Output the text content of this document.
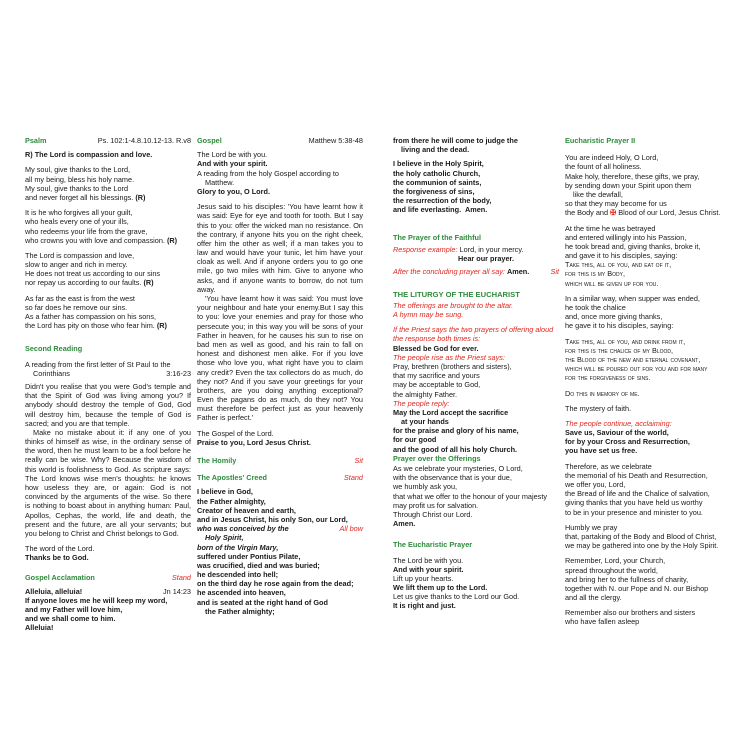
Psalm	Ps. 102:1-4.8.10.12-13. R.v8

R) The Lord is compassion and love.

My soul, give thanks to the Lord,
all my being, bless his holy name.
My soul, give thanks to the Lord
and never forget all his blessings. (R)

It is he who forgives all your guilt,
who heals every one of your ills,
who redeems your life from the grave,
who crowns you with love and compassion. (R)

The Lord is compassion and love,
slow to anger and rich in mercy.
He does not treat us according to our sins
nor repay us according to our faults. (R)

As far as the east is from the west
so far does he remove our sins.
As a father has compassion on his sons,
the Lord has pity on those who fear him. (R)

Second Reading

A reading from the first letter of St Paul to the

Corinthians	3:16-23

Didn't you realise that you were God's temple and that the Spirit of God was living among you? If anybody should destroy the temple of God, God will destroy him, because the temple of God is sacred; and you are that temple.

Make no mistake about it: if any one of you thinks of himself as wise, in the ordinary sense of the word, then he must learn to be a fool before he really can be wise. Why? Because the wisdom of this world is foolishness to God. As scripture says: The Lord knows wise men's thoughts: he knows how useless they are, or again: God is not convinced by the arguments of the wise. So there is nothing to boast about in anything human: Paul, Apollos, Cephas, the world, life and death, the present and the future, are all your servants; but you belong to Christ and Christ belongs to God.

The word of the Lord.
Thanks be to God.

Gospel Acclamation	Stand

Alleluia, alleluia!	Jn 14:23
If anyone loves me he will keep my word,
and my Father will love him,
and we shall come to him.
Alleluia!

Gospel	Matthew 5:38-48

The Lord be with you.
And with your spirit.
A reading from the holy Gospel according to
Matthew.
Glory to you, O Lord.

Jesus said to his disciples: 'You have learnt how it was said: Eye for eye and tooth for tooth. But I say this to you: offer the wicked man no resistance. On the contrary, if anyone hits you on the right cheek, offer him the other as well; if a man takes you to law and would have your tunic, let him have your cloak as well. And if anyone orders you to go one mile, go two miles with him. Give to anyone who asks, and if anyone wants to borrow, do not turn away.

'You have learnt how it was said: You must love your neighbour and hate your enemy.But I say this to you: love your enemies and pray for those who persecute you; in this way you will be sons of your Father in heaven, for he causes his sun to rise on bad men as well as good, and his rain to fall on honest and dishonest men alike. For if you love those who love you, what right have you to claim any credit? Even the tax collectors do as much, do they not? And if you save your greetings for your brothers, are you doing anything exceptional? Even the pagans do as much, do they not? You must therefore be perfect just as your heavenly Father is perfect.'

The Gospel of the Lord.
Praise to you, Lord Jesus Christ.

The Homily	Sit
The Apostles' Creed	Stand

I believe in God,
the Father almighty,
Creator of heaven and earth,
and in Jesus Christ, his only Son, our Lord,

who was conceived by the	All bow
Holy Spirit,
born of the Virgin Mary,
suffered under Pontius Pilate,
was crucified, died and was buried;
he descended into hell;
on the third day he rose again from the dead;
he ascended into heaven,
and is seated at the right hand of God
the Father almighty;

from there he will come to judge the
living and the dead.
I believe in the Holy Spirit,
the holy catholic Church,
the communion of saints,
the forgiveness of sins,
the resurrection of the body,
and life everlasting. Amen.

The Prayer of the Faithful

Response example: Lord, in your mercy.
Hear our prayer.

After the concluding prayer all say: Amen.	Sit

THE LITURGY OF THE EUCHARIST

The offerings are brought to the altar.
A hymn may be sung.

If the Priest says the two prayers of offering aloud the response both times is:
Blessed be God for ever.
The people rise as the Priest says:
Pray, brethren (brothers and sisters),
that my sacrifice and yours
may be acceptable to God,
the almighty Father.
The people reply:
May the Lord accept the sacrifice
at your hands
for the praise and glory of his name,
for our good
and the good of all his holy Church.

Prayer over the Offerings

As we celebrate your mysteries, O Lord,
with the observance that is your due,
we humbly ask you,
that what we offer to the honour of your majesty
may profit us for salvation.
Through Christ our Lord.
Amen.

The Eucharistic Prayer

The Lord be with you.
And with your spirit.
Lift up your hearts.
We lift them up to the Lord.
Let us give thanks to the Lord our God.
It is right and just.

Eucharistic Prayer II

You are indeed Holy, O Lord,
the fount of all holiness.
Make holy, therefore, these gifts, we pray,
by sending down your Spirit upon them
like the dewfall,
so that they may become for us
the Body and ✠ Blood of our Lord, Jesus Christ.

At the time he was betrayed
and entered willingly into his Passion,
he took bread and, giving thanks, broke it,
and gave it to his disciples, saying:

Take this, all of you, and eat of it,
for this is my Body,
which will be given up for you.

In a similar way, when supper was ended,
he took the chalice
and, once more giving thanks,
he gave it to his disciples, saying:

Take this, all of you, and drink from it,
for this is the chalice of my Blood,
the Blood of the new and eternal covenant,
which will be poured out for you and for many
for the forgiveness of sins.

Do this in memory of me.

The mystery of faith.

The people continue, acclaiming:
Save us, Saviour of the world,
for by your Cross and Resurrection,
you have set us free.

Therefore, as we celebrate
the memorial of his Death and Resurrection,
we offer you, Lord,
the Bread of life and the Chalice of salvation,
giving thanks that you have held us worthy
to be in your presence and minister to you.

Humbly we pray
that, partaking of the Body and Blood of Christ,
we may be gathered into one by the Holy Spirit.

Remember, Lord, your Church,
spread throughout the world,
and bring her to the fullness of charity,
together with N. our Pope and N. our Bishop
and all the clergy.

Remember also our brothers and sisters
who have fallen asleep
